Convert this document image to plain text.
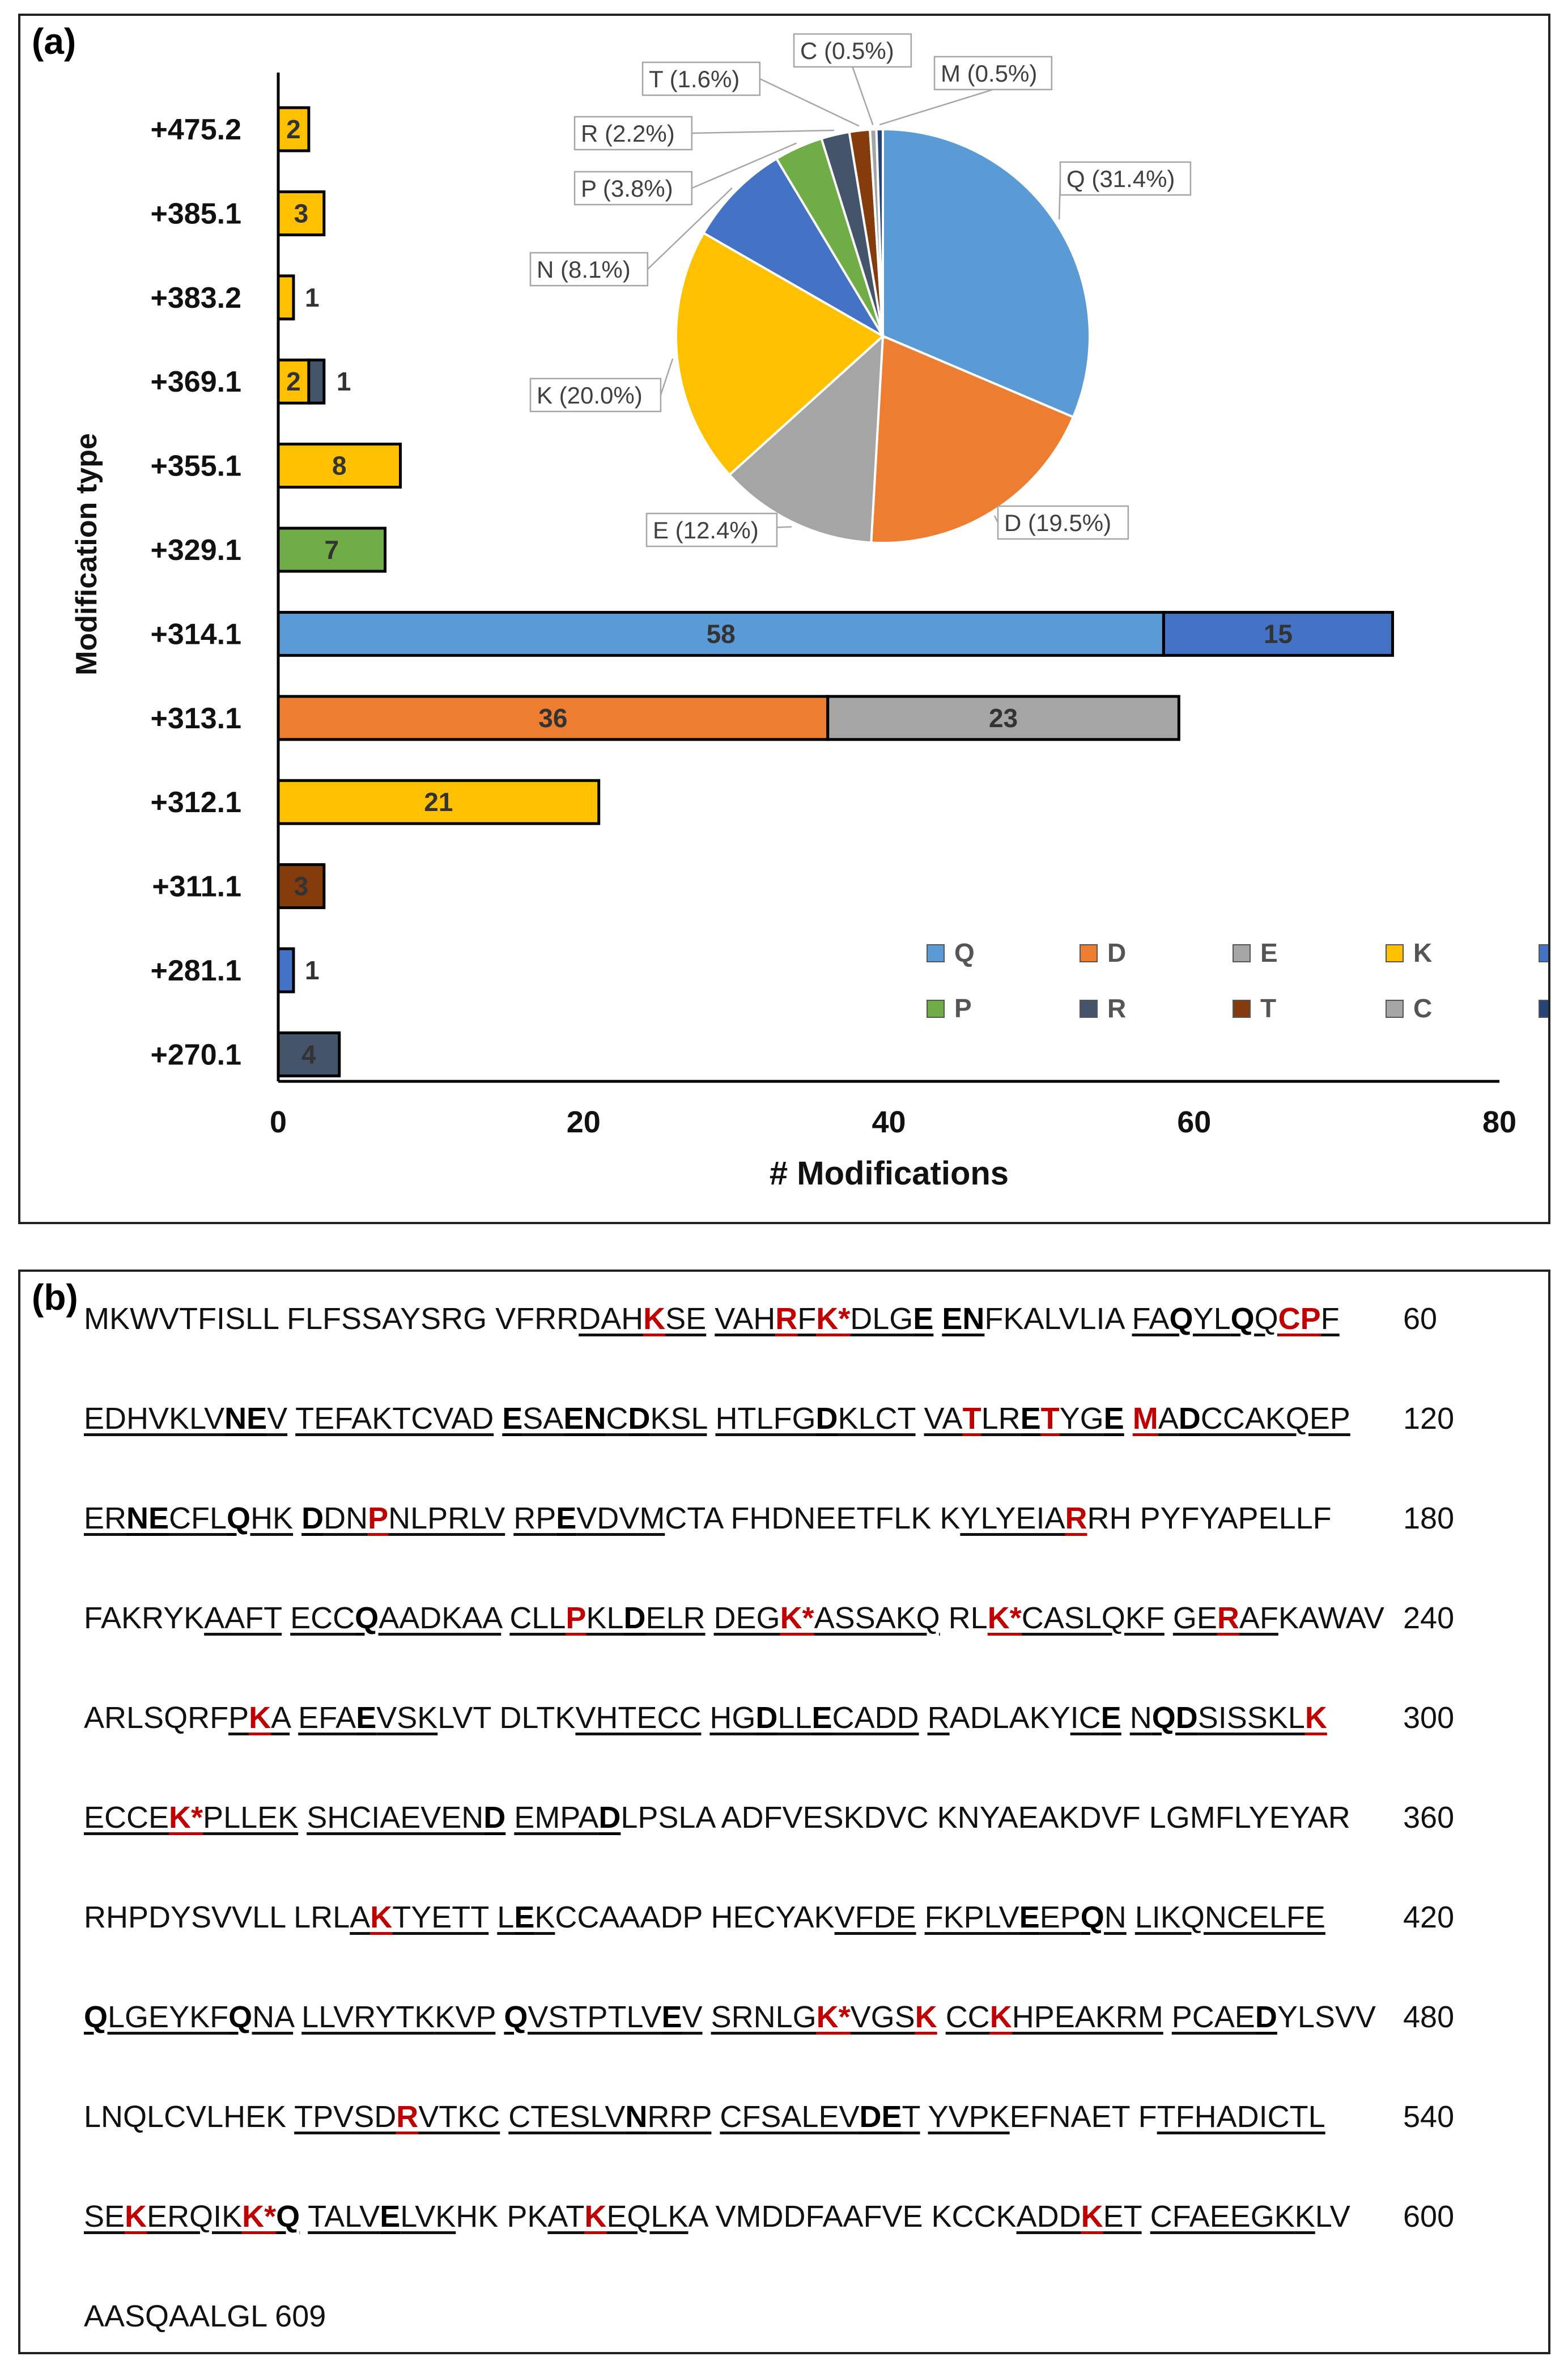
(a)
+475.2 2
+385.1 3
+383.2 1
+369.1 2 1
+355.1	8
+329.1	7
+314.1	58	15
+313.1	36	23
+312.1	21
+311.1 3
+281.1 1
+270.1 4
0	20	40	60	80
# Modifications
Modification type
Q	D	E	K
P	R	T	C
Q (31.4%)
D (19.5%)
E (12.4%)
K (20.0%)
N (8.1%)
P (3.8%)
R (2.2%)
T (1.6%)
C (0.5%)
M (0.5%)
(b)
MKWVTFISLL FLFSSAYSRG VFRRDAHKSE VAHRFK*DLGE ENFKALVLIA FAQYLQQCPF 60
EDHVKLVNEV TEFAKTCVAD ESAENCDKSL HTLFGDKLCT VATLRETYGE MADCCAKQEP 120
ERNECFLQHK DDNPNLPRLV RPEVDVMCTA FHDNEETFLK KYLYEIARRH PYFYAPELLF 180
FAKRYKAAFT ECCQAADKAA CLLPKLDELR DEGK*ASSAKQ RLK*CASLQKF GERAFKAWAV 240
ARLSQRFPKA EFAEVSKLVT DLTKVHTECC HGDLLECADD RADLAKYICE NQDSISSKLK 300
ECCEK*PLLEK SHCIAEVEND EMPADLPSLA ADFVESKDVC KNYAEAKDVF LGMFLYEYAR 360
RHPDYSVVLL LRLAKTYETT LEKCCAAADP HECYAKVFDE FKPLVEEPQN LIKQNCELFE	420
QLGEYKFQNA LLVRYTKKVP QVSTPTLVEV SRNLGK*VGSK CCKHPEAKRM PCAEDYLSVV 480
LNQLCVLHEK TPVSDRVTKC CTESLVNRRP CFSALEVDET YVPKEFNAET FTFHADICTL	540
SEKERQIKK*Q TALVELVKHK PKATKEQLKA VMDDFAAFVE KCCKADDKET CFAEEGKKLV 600
AASQAALGL 609
